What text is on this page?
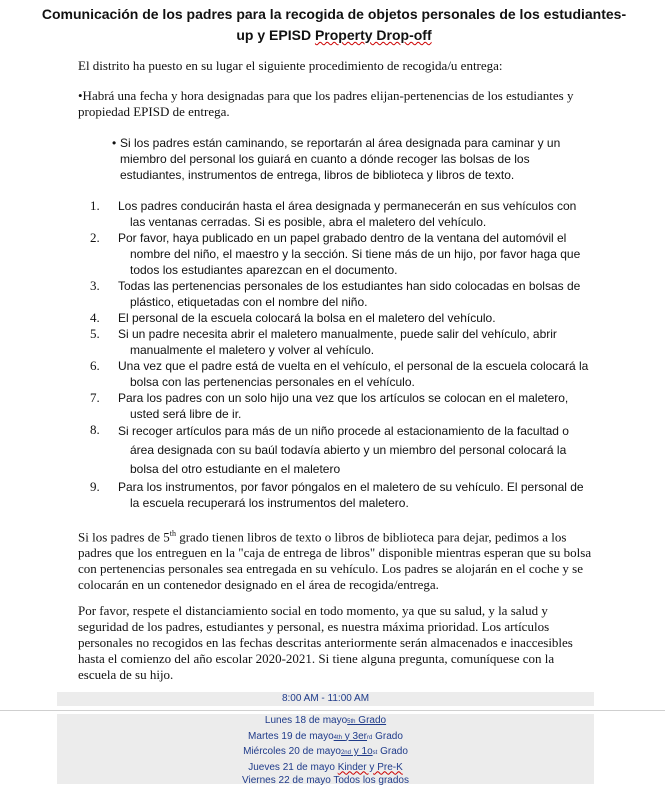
Comunicación de los padres para la recogida de objetos personales de los estudiantes-up y EPISD Property Drop-off
El distrito ha puesto en su lugar el siguiente procedimiento de recogida/u entrega:
•Habrá una fecha y hora designadas para que los padres elijan-pertenencias de los estudiantes y propiedad EPISD de entrega.
• Si los padres están caminando, se reportarán al área designada para caminar y un miembro del personal los guiará en cuanto a dónde recoger las bolsas de los estudiantes, instrumentos de entrega, libros de biblioteca y libros de texto.
1. Los padres conducirán hasta el área designada y permanecerán en sus vehículos con las ventanas cerradas. Si es posible, abra el maletero del vehículo.
2. Por favor, haya publicado en un papel grabado dentro de la ventana del automóvil el nombre del niño, el maestro y la sección. Si tiene más de un hijo, por favor haga que todos los estudiantes aparezcan en el documento.
3. Todas las pertenencias personales de los estudiantes han sido colocadas en bolsas de plástico, etiquetadas con el nombre del niño.
4. El personal de la escuela colocará la bolsa en el maletero del vehículo.
5. Si un padre necesita abrir el maletero manualmente, puede salir del vehículo, abrir manualmente el maletero y volver al vehículo.
6. Una vez que el padre está de vuelta en el vehículo, el personal de la escuela colocará la bolsa con las pertenencias personales en el vehículo.
7. Para los padres con un solo hijo una vez que los artículos se colocan en el maletero, usted será libre de ir.
8. Si recoger artículos para más de un niño procede al estacionamiento de la facultad o área designada con su baúl todavía abierto y un miembro del personal colocará la bolsa del otro estudiante en el maletero
9. Para los instrumentos, por favor póngalos en el maletero de su vehículo. El personal de la escuela recuperará los instrumentos del maletero.
Si los padres de 5th grado tienen libros de texto o libros de biblioteca para dejar, pedimos a los padres que los entreguen en la "caja de entrega de libros" disponible mientras esperan que su bolsa con pertenencias personales sea entregada en su vehículo. Los padres se alojarán en el coche y se colocarán en un contenedor designado en el área de recogida/entrega.
Por favor, respete el distanciamiento social en todo momento, ya que su salud, y la salud y seguridad de los padres, estudiantes y personal, es nuestra máxima prioridad. Los artículos personales no recogidos en las fechas descritas anteriormente serán almacenados e inaccesibles hasta el comienzo del año escolar 2020-2021. Si tiene alguna pregunta, comuníquese con la escuela de su hijo.
8:00 AM - 11:00 AM
Lunes 18 de mayo5th Grado
Martes 19 de mayo4th y 3errd Grado
Miércoles 20 de mayo2nd y 1ost Grado
Jueves 21 de mayo Kinder y Pre-K
Viernes 22 de mayo Todos los grados
